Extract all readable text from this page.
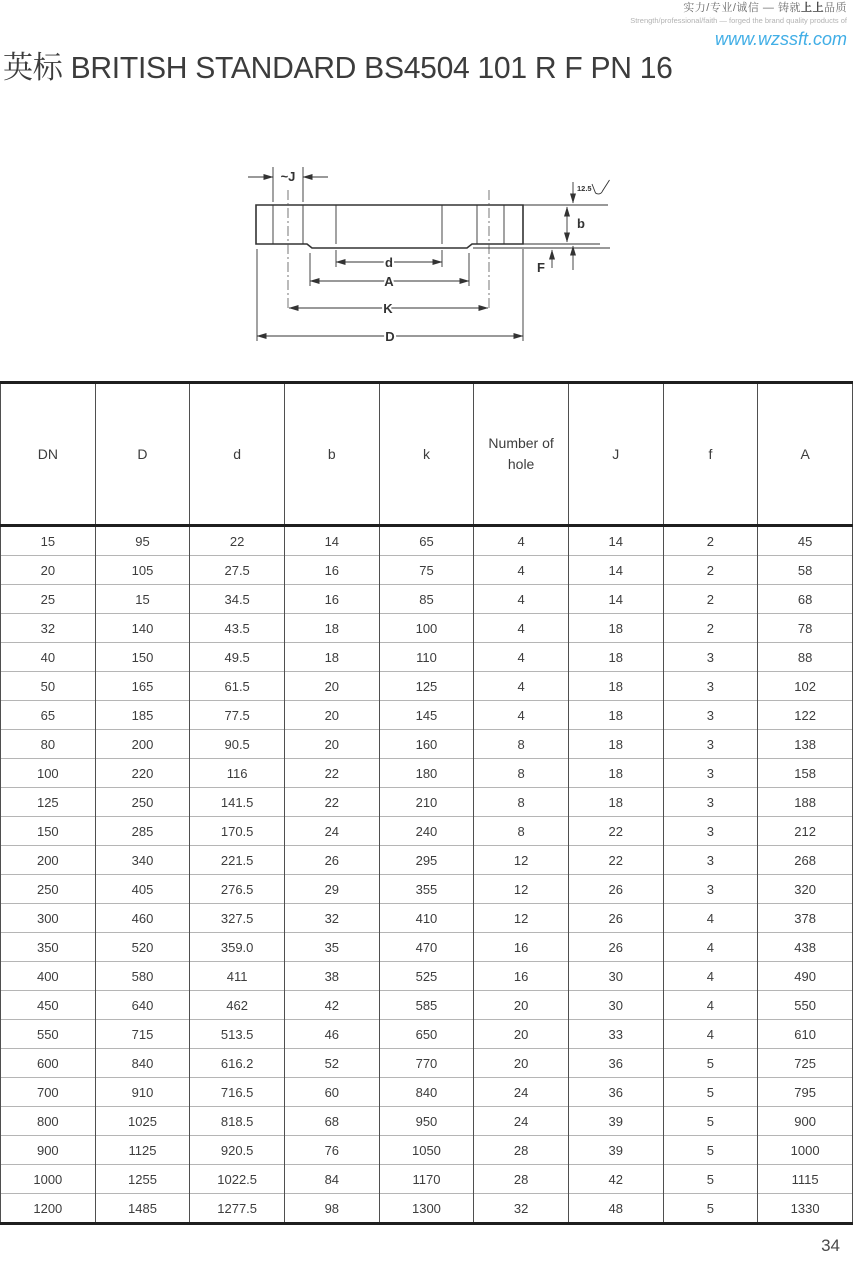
实力/专业/诚信 — 铸就上上品质
Strength/professional/faith — forged the brand quality products of
www.wzssft.com
英标 BRITISH STANDARD BS4504 101 R F PN 16
12.5
b
F
~J
d
A
K
D
DN	D	d	b	k	Number of hole	J	f	A
15	95	22	14	65	4	14	2	45
20	105	27.5	16	75	4	14	2	58
25	15	34.5	16	85	4	14	2	68
32	140	43.5	18	100	4	18	2	78
40	150	49.5	18	110	4	18	3	88
50	165	61.5	20	125	4	18	3	102
65	185	77.5	20	145	4	18	3	122
80	200	90.5	20	160	8	18	3	138
100	220	116	22	180	8	18	3	158
125	250	141.5	22	210	8	18	3	188
150	285	170.5	24	240	8	22	3	212
200	340	221.5	26	295	12	22	3	268
250	405	276.5	29	355	12	26	3	320
300	460	327.5	32	410	12	26	4	378
350	520	359.0	35	470	16	26	4	438
400	580	411	38	525	16	30	4	490
450	640	462	42	585	20	30	4	550
550	715	513.5	46	650	20	33	4	610
600	840	616.2	52	770	20	36	5	725
700	910	716.5	60	840	24	36	5	795
800	1025	818.5	68	950	24	39	5	900
900	1125	920.5	76	1050	28	39	5	1000
1000	1255	1022.5	84	1170	28	42	5	1115
1200	1485	1277.5	98	1300	32	48	5	1330
34
